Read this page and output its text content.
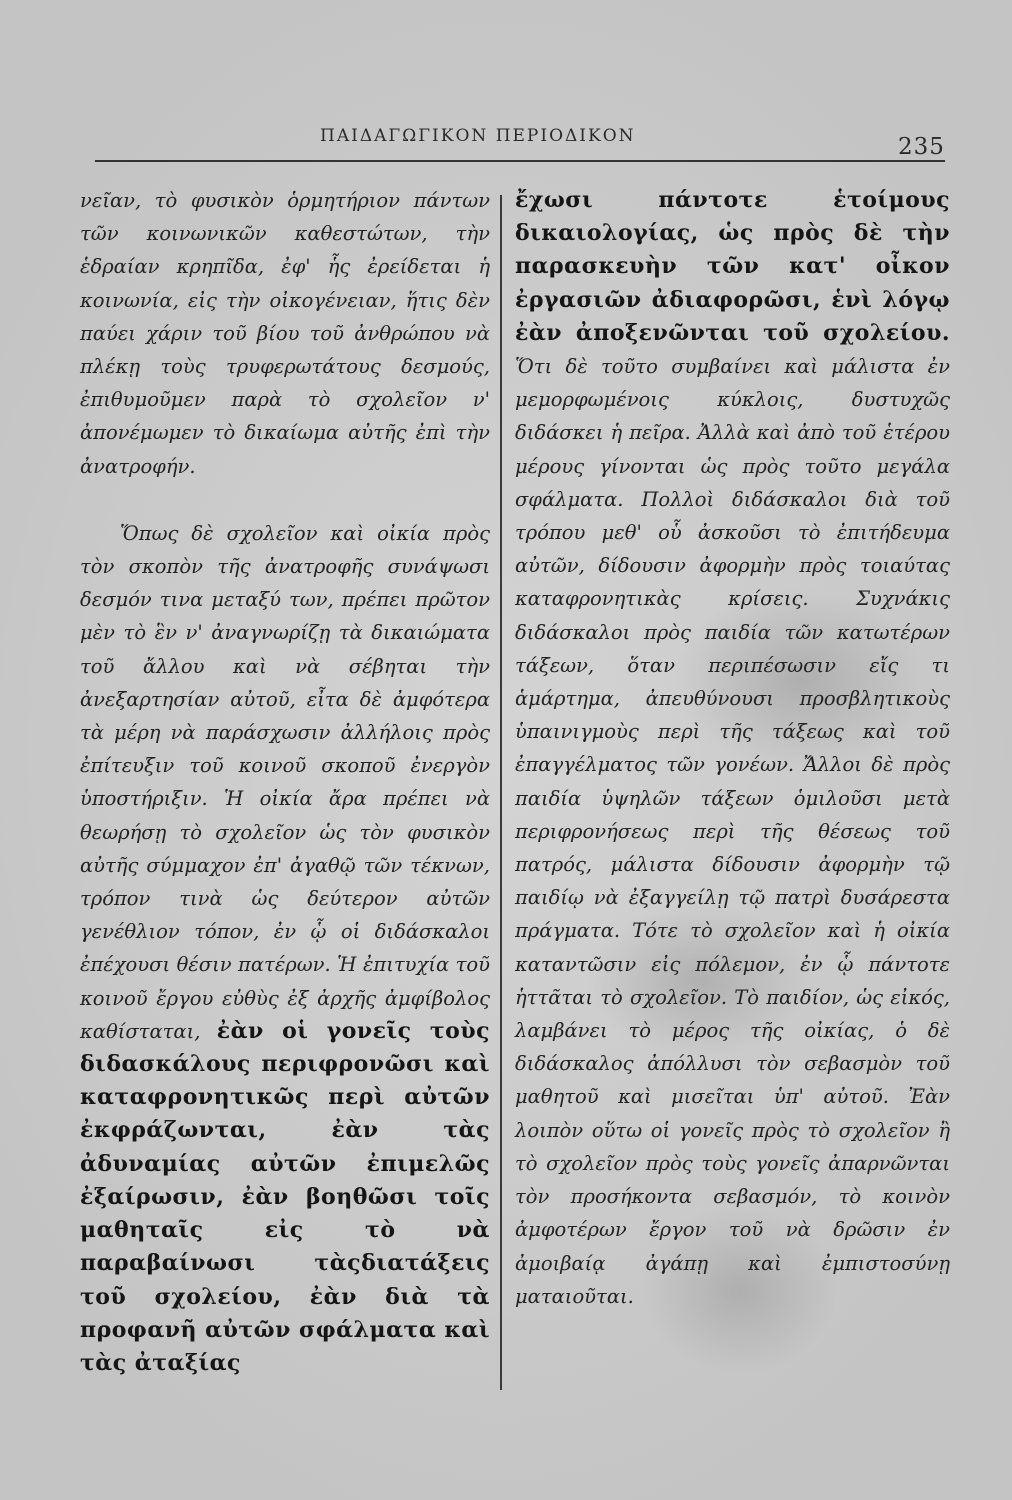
ΠΑΙΔΑΓΩΓΙΚΟΝ ΠΕΡΙΟΔΙΚΟΝ	235

νεῖαν, τὸ φυσικὸν ὁρμητήριον πάντων τῶν κοινωνικῶν καθεστώτων, τὴν ἑδραίαν κρηπῖδα, ἐφ' ἧς ἐρείδεται ἡ κοινωνία, εἰς τὴν οἰκογένειαν, ἥτις δὲν παύει χάριν τοῦ βίου τοῦ ἀνθρώπου νὰ πλέκῃ τοὺς τρυφερωτάτους δεσμούς, ἐπιθυμοῦμεν παρὰ τὸ σχολεῖον ν' ἀπονέμωμεν τὸ δικαίωμα αὐτῆς ἐπὶ τὴν ἀνατροφήν.

Ὅπως δὲ σχολεῖον καὶ οἰκία πρὸς τὸν σκοπὸν τῆς ἀνατροφῆς συνάψωσι δεσμόν τινα μεταξύ των, πρέπει πρῶτον μὲν τὸ ἓν ν' ἀναγνωρίζῃ τὰ δικαιώματα τοῦ ἄλλου καὶ νὰ σέβηται τὴν ἀνεξαρτησίαν αὐτοῦ, εἶτα δὲ ἀμφότερα τὰ μέρη νὰ παράσχωσιν ἀλλήλοις πρὸς ἐπίτευξιν τοῦ κοινοῦ σκοποῦ ἐνεργὸν ὑποστήριξιν. Ἡ οἰκία ἄρα πρέπει νὰ θεωρήσῃ τὸ σχολεῖον ὡς τὸν φυσικὸν αὐτῆς σύμμαχον ἐπ' ἀγαθῷ τῶν τέκνων, τρόπον τινὰ ὡς δεύτερον αὐτῶν γενέθλιον τόπον, ἐν ᾧ οἱ διδάσκαλοι ἐπέχουσι θέσιν πατέρων. Ἡ ἐπιτυχία τοῦ κοινοῦ ἔργου εὐθὺς ἐξ ἀρχῆς ἀμφίβολος καθίσταται, ἐὰν οἱ γονεῖς τοὺς διδασκάλους περιφρονῶσι καὶ καταφρονητικῶς περὶ αὐτῶν ἐκφράζωνται, ἐὰν τὰς ἀδυναμίας αὐτῶν ἐπιμελῶς ἐξαίρωσιν, ἐὰν βοηθῶσι τοῖς μαθηταῖς εἰς τὸ νὰ παραβαίνωσι τὰςδιατάξεις τοῦ σχολείου, ἐὰν διὰ τὰ προφανῆ αὐτῶν σφάλματα καὶ τὰς ἀταξίας

ἔχωσι πάντοτε ἑτοίμους δικαιολογίας, ὡς πρὸς δὲ τὴν παρασκευὴν τῶν κατ' οἶκον ἐργασιῶν ἀδιαφορῶσι, ἑνὶ λόγῳ ἐὰν ἀποξενῶνται τοῦ σχολείου. Ὅτι δὲ τοῦτο συμβαίνει καὶ μάλιστα ἐν μεμορφωμένοις κύκλοις, δυστυχῶς διδάσκει ἡ πεῖρα. Ἀλλὰ καὶ ἀπὸ τοῦ ἑτέρου μέρους γίνονται ὡς πρὸς τοῦτο μεγάλα σφάλματα. Πολλοὶ διδάσκαλοι διὰ τοῦ τρόπου μεθ' οὗ ἀσκοῦσι τὸ ἐπιτήδευμα αὐτῶν, δίδουσιν ἀφορμὴν πρὸς τοιαύτας καταφρονητικὰς κρίσεις. Συχνάκις διδάσκαλοι πρὸς παιδία τῶν κατωτέρων τάξεων, ὅταν περιπέσωσιν εἴς τι ἁμάρτημα, ἀπευθύνουσι προσβλητικοὺς ὑπαινιγμοὺς περὶ τῆς τάξεως καὶ τοῦ ἐπαγγέλματος τῶν γονέων. Ἄλλοι δὲ πρὸς παιδία ὑψηλῶν τάξεων ὁμιλοῦσι μετὰ περιφρονήσεως περὶ τῆς θέσεως τοῦ πατρός, μάλιστα δίδουσιν ἀφορμὴν τῷ παιδίῳ νὰ ἐξαγγείλῃ τῷ πατρὶ δυσάρεστα πράγματα. Τότε τὸ σχολεῖον καὶ ἡ οἰκία καταντῶσιν εἰς πόλεμον, ἐν ᾧ πάντοτε ἡττᾶται τὸ σχολεῖον. Τὸ παιδίον, ὡς εἰκός, λαμβάνει τὸ μέρος τῆς οἰκίας, ὁ δὲ διδάσκαλος ἀπόλλυσι τὸν σεβασμὸν τοῦ μαθητοῦ καὶ μισεῖται ὑπ' αὐτοῦ. Ἐὰν λοιπὸν οὕτω οἱ γονεῖς πρὸς τὸ σχολεῖον ἢ τὸ σχολεῖον πρὸς τοὺς γονεῖς ἀπαρνῶνται τὸν προσήκοντα σεβασμόν, τὸ κοινὸν ἀμφοτέρων ἔργον τοῦ νὰ δρῶσιν ἐν ἀμοιβαίᾳ ἀγάπῃ καὶ ἐμπιστοσύνῃ ματαιοῦται.
